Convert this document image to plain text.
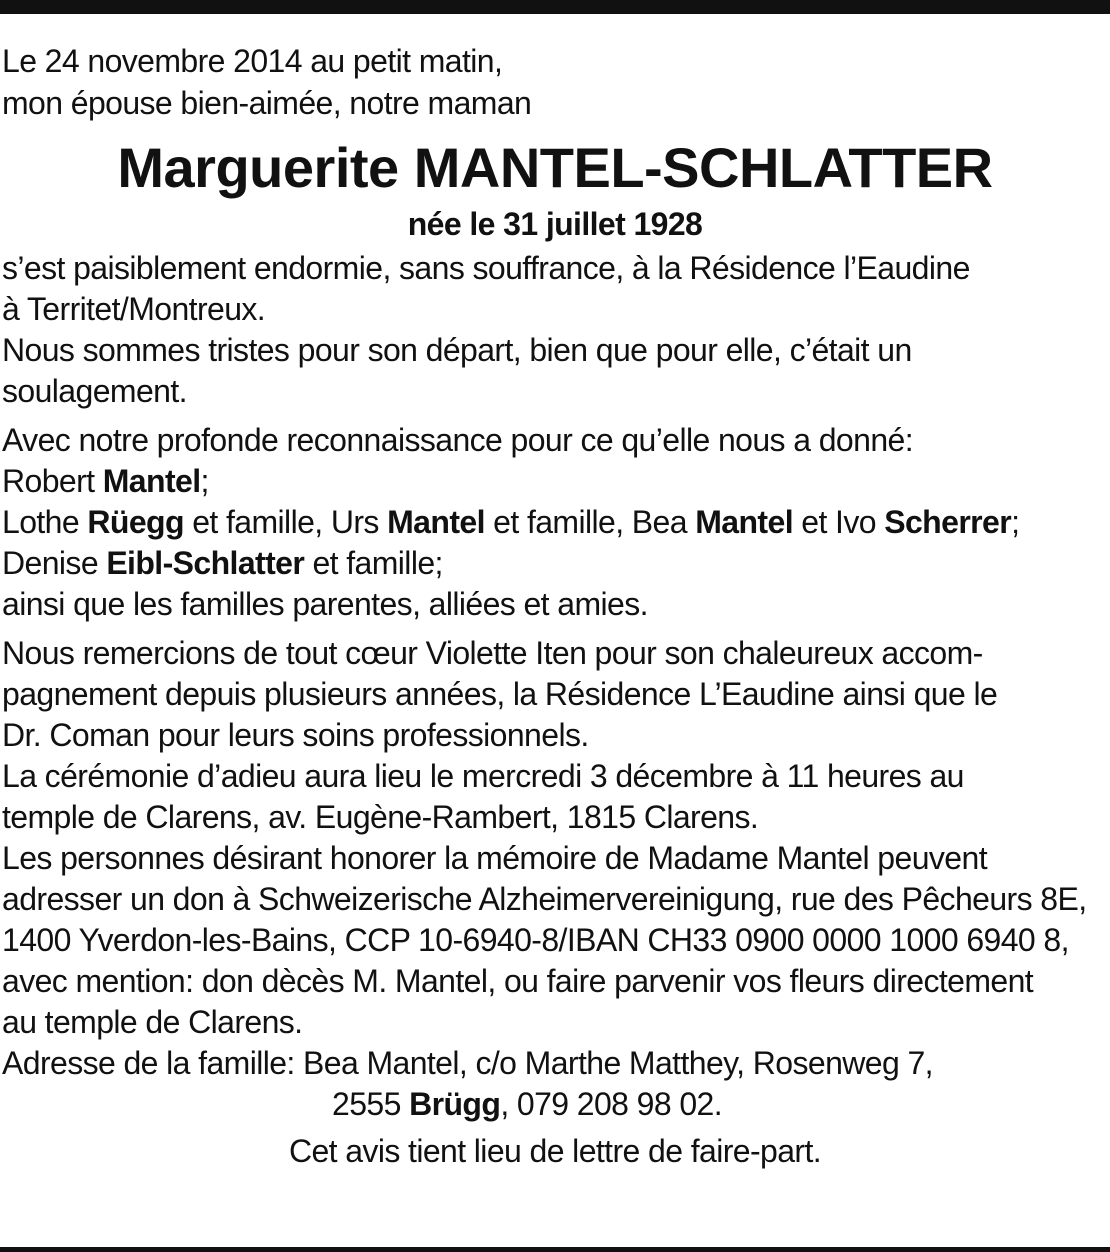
Le 24 novembre 2014 au petit matin,
mon épouse bien-aimée, notre maman
Marguerite MANTEL-SCHLATTER
née le 31 juillet 1928
s’est paisiblement endormie, sans souffrance, à la Résidence l’Eaudine
à Territet/Montreux.
Nous sommes tristes pour son départ, bien que pour elle, c’était un
soulagement.
Avec notre profonde reconnaissance pour ce qu’elle nous a donné:
Robert Mantel;
Lothe Rüegg et famille, Urs Mantel et famille, Bea Mantel et Ivo Scherrer;
Denise Eibl-Schlatter et famille;
ainsi que les familles parentes, alliées et amies.
Nous remercions de tout cœur Violette Iten pour son chaleureux accom-
pagnement depuis plusieurs années, la Résidence L’Eaudine ainsi que le
Dr. Coman pour leurs soins professionnels.
La cérémonie d’adieu aura lieu le mercredi 3 décembre à 11 heures au
temple de Clarens, av. Eugène-Rambert, 1815 Clarens.
Les personnes désirant honorer la mémoire de Madame Mantel peuvent
adresser un don à Schweizerische Alzheimervereinigung, rue des Pêcheurs 8E,
1400 Yverdon-les-Bains, CCP 10-6940-8/IBAN CH33 0900 0000 1000 6940 8,
avec mention: don dècès M. Mantel, ou faire parvenir vos fleurs directement
au temple de Clarens.
Adresse de la famille: Bea Mantel, c/o Marthe Matthey, Rosenweg 7,
2555 Brügg, 079 208 98 02.
Cet avis tient lieu de lettre de faire-part.
